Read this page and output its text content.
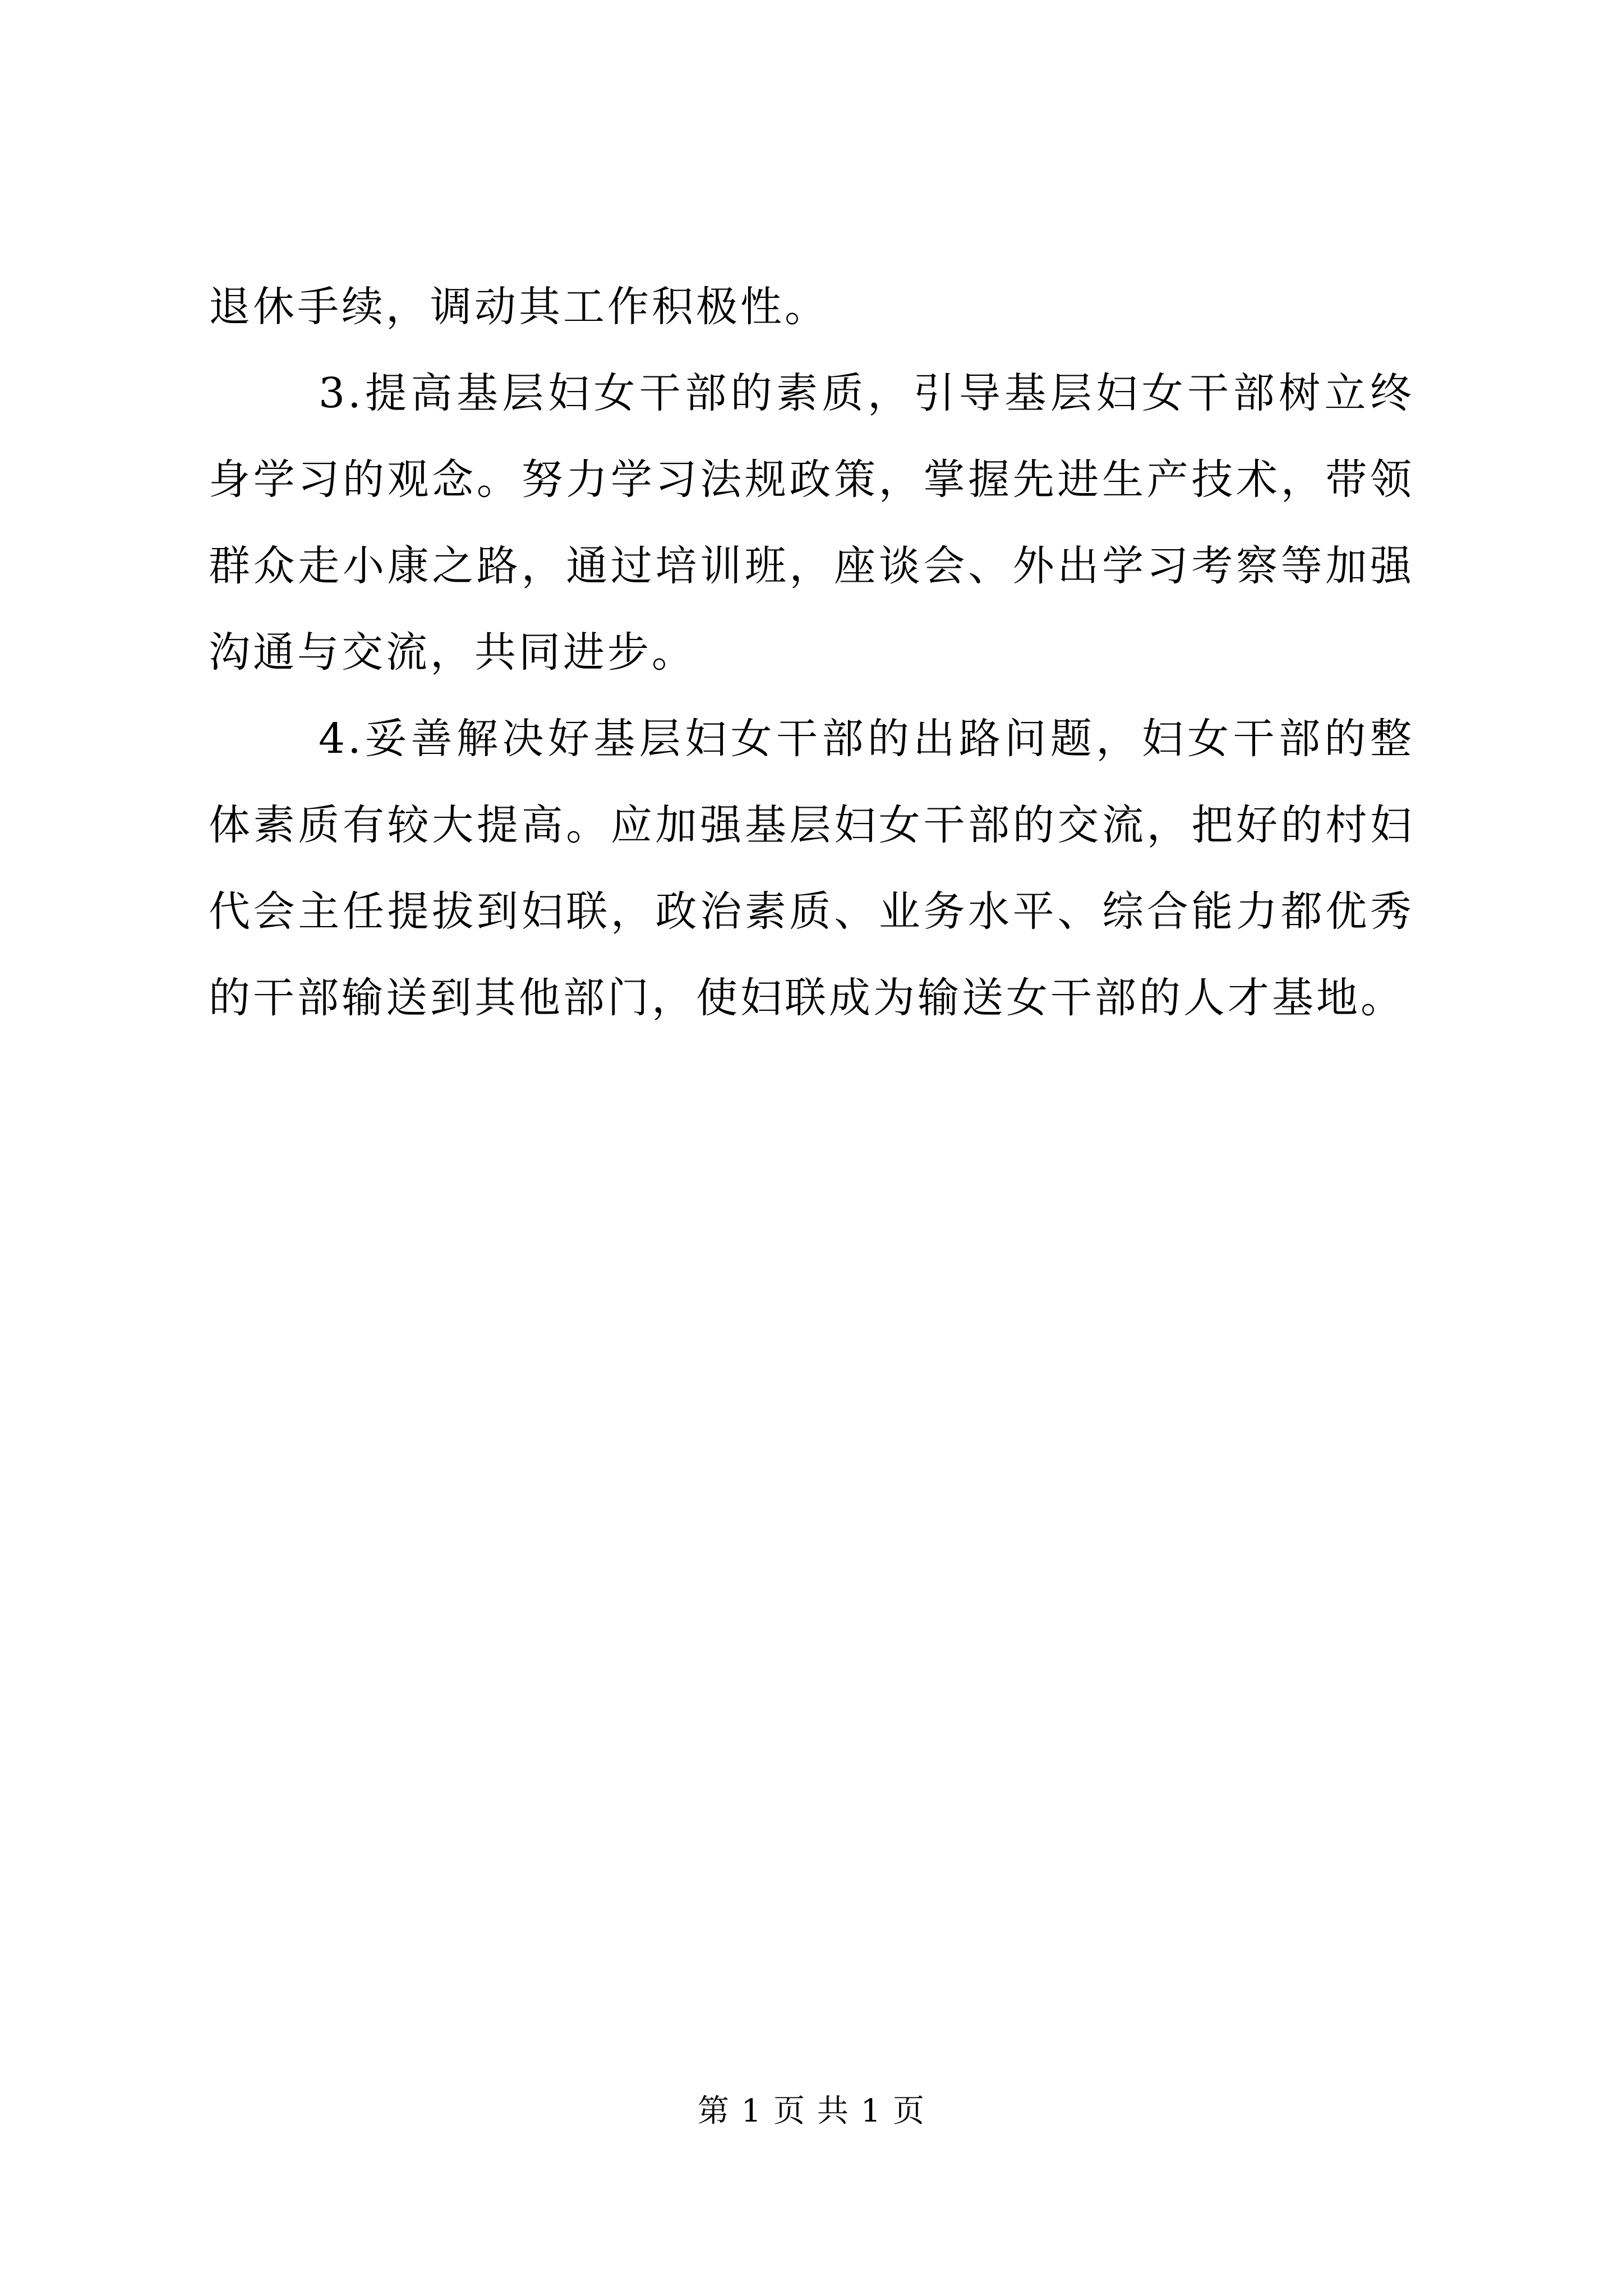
退休手续，调动其工作积极性。

3.提高基层妇女干部的素质，引导基层妇女干部树立终身学习的观念。努力学习法规政策，掌握先进生产技术，带领群众走小康之路，通过培训班，座谈会、外出学习考察等加强沟通与交流，共同进步。

4.妥善解决好基层妇女干部的出路问题，妇女干部的整体素质有较大提高。应加强基层妇女干部的交流，把好的村妇代会主任提拔到妇联，政治素质、业务水平、综合能力都优秀的干部输送到其他部门，使妇联成为输送女干部的人才基地。

第 1 页 共 1 页
